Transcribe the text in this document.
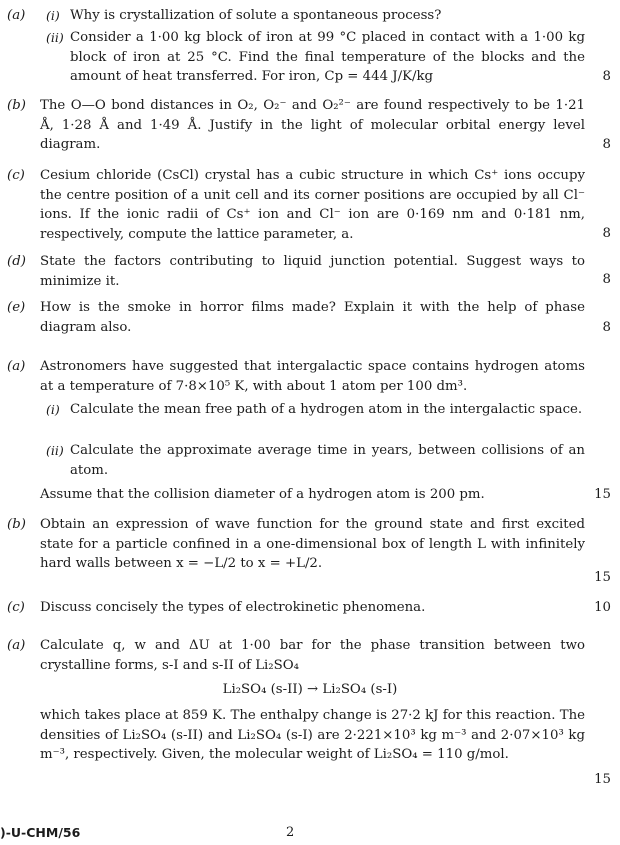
(a) (i) Why is crystallization of solute a spontaneous process?
(ii) Consider a 1·00 kg block of iron at 99 °C placed in contact with a 1·00 kg block of iron at 25 °C. Find the final temperature of the blocks and the amount of heat transferred. For iron, Cp = 444 J/K/kg	8
(b) The O—O bond distances in O₂, O₂⁻ and O₂²⁻ are found respectively to be 1·21 Å, 1·28 Å and 1·49 Å. Justify in the light of molecular orbital energy level diagram.	8
(c) Cesium chloride (CsCl) crystal has a cubic structure in which Cs⁺ ions occupy the centre position of a unit cell and its corner positions are occupied by all Cl⁻ ions. If the ionic radii of Cs⁺ ion and Cl⁻ ion are 0·169 nm and 0·181 nm, respectively, compute the lattice parameter, a.	8
(d) State the factors contributing to liquid junction potential. Suggest ways to minimize it.	8
(e) How is the smoke in horror films made? Explain it with the help of phase diagram also.	8
(a) Astronomers have suggested that intergalactic space contains hydrogen atoms at a temperature of 7·8×10⁵ K, with about 1 atom per 100 dm³.
(i) Calculate the mean free path of a hydrogen atom in the intergalactic space.
(ii) Calculate the approximate average time in years, between collisions of an atom.
Assume that the collision diameter of a hydrogen atom is 200 pm.	15
(b) Obtain an expression of wave function for the ground state and first excited state for a particle confined in a one-dimensional box of length L with infinitely hard walls between x = −L/2 to x = +L/2.
15
(c) Discuss concisely the types of electrokinetic phenomena.	10
(a) Calculate q, w and ΔU at 1·00 bar for the phase transition between two crystalline forms, s-I and s-II of Li₂SO₄
Li₂SO₄ (s-II) → Li₂SO₄ (s-I)
which takes place at 859 K. The enthalpy change is 27·2 kJ for this reaction. The densities of Li₂SO₄ (s-II) and Li₂SO₄ (s-I) are 2·221×10³ kg m⁻³ and 2·07×10³ kg m⁻³, respectively. Given, the molecular weight of Li₂SO₄ = 110 g/mol.
15
)-U-CHM/56	2
